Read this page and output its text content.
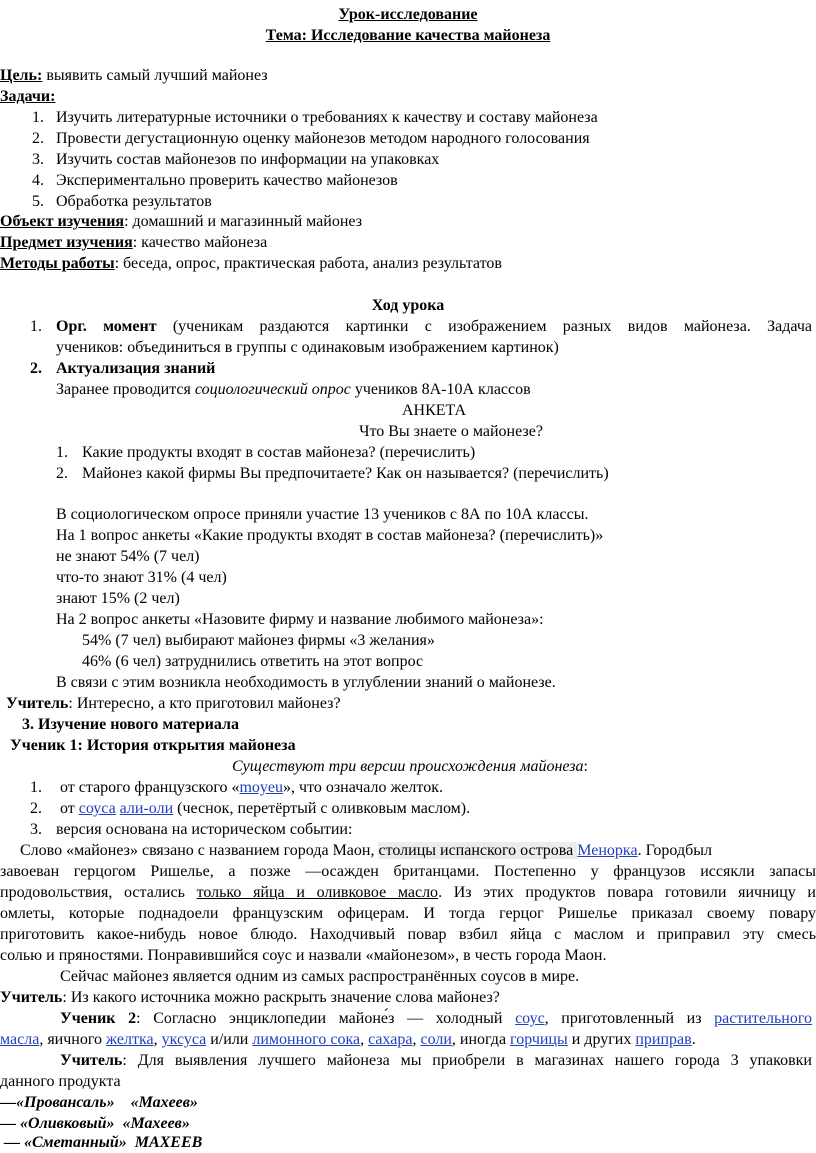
Урок-исследование
Тема: Исследование качества майонеза
Цель: выявить самый лучший майонез
Задачи:
1. Изучить литературные источники о требованиях к качеству и составу майонеза
2. Провести дегустационную оценку майонезов методом народного голосования
3. Изучить состав майонезов по информации на упаковках
4. Экспериментально проверить качество майонезов
5. Обработка результатов
Объект изучения: домашний и магазинный майонез
Предмет изучения: качество майонеза
Методы работы: беседа, опрос, практическая работа, анализ результатов
Ход урока
1. Орг. момент (ученикам раздаются картинки с изображением разных видов майонеза. Задача
учеников: объединиться в группы с одинаковым изображением картинок)
2. Актуализация знаний
Заранее проводится социологический опрос учеников 8А-10А классов
АНКЕТА
Что Вы знаете о майонезе?
1. Какие продукты входят в состав майонеза? (перечислить)
2. Майонез какой фирмы Вы предпочитаете? Как он называется? (перечислить)
В социологическом опросе приняли участие 13 учеников с 8А по 10А классы.
На 1 вопрос анкеты «Какие продукты входят в состав майонеза? (перечислить)»
не знают 54% (7 чел)
что-то знают 31% (4 чел)
знают 15% (2 чел)
На 2 вопрос анкеты «Назовите фирму и название любимого майонеза»:
54% (7 чел) выбирают майонез фирмы «3 желания»
46% (6 чел) затруднились ответить на этот вопрос
В связи с этим возникла необходимость в углублении знаний о майонезе.
Учитель: Интересно, а кто приготовил майонез?
3. Изучение нового материала
Ученик 1: История открытия майонеза
Существуют три версии происхождения майонеза:
1. от старого французского «moyeu», что означало желток.
2. от соуса али-оли (чеснок, перетёртый с оливковым маслом).
3. версия основана на историческом событии:
Слово «майонез» связано с названием города Маон, столицы испанского острова Менорка. Городбыл
завоеван герцогом Ришелье, а позже —осажден британцами. Постепенно у французов иссякли запасы
продовольствия, остались только яйца и оливковое масло. Из этих продуктов повара готовили яичницу и
омлеты, которые поднадоели французским офицерам. И тогда герцог Ришелье приказал своему повару
приготовить какое-нибудь новое блюдо. Находчивый повар взбил яйца с маслом и приправил эту смесь
солью и пряностями. Понравившийся соус и назвали «майонезом», в честь города Маон.
Сейчас майонез является одним из самых распространённых соусов в мире.
Учитель: Из какого источника можно раскрыть значение слова майонез?
Ученик 2: Согласно энциклопедии майоне́з — холодный соус, приготовленный из растительного
масла, яичного желтка, уксуса и/или лимонного сока, сахара, соли, иногда горчицы и других приправ.
Учитель: Для выявления лучшего майонеза мы приобрели в магазинах нашего города 3 упаковки
данного продукта
—«Провансаль» «Махеев»
— «Оливковый» «Махеев»
— «Сметанный» МАХЕЕВ
